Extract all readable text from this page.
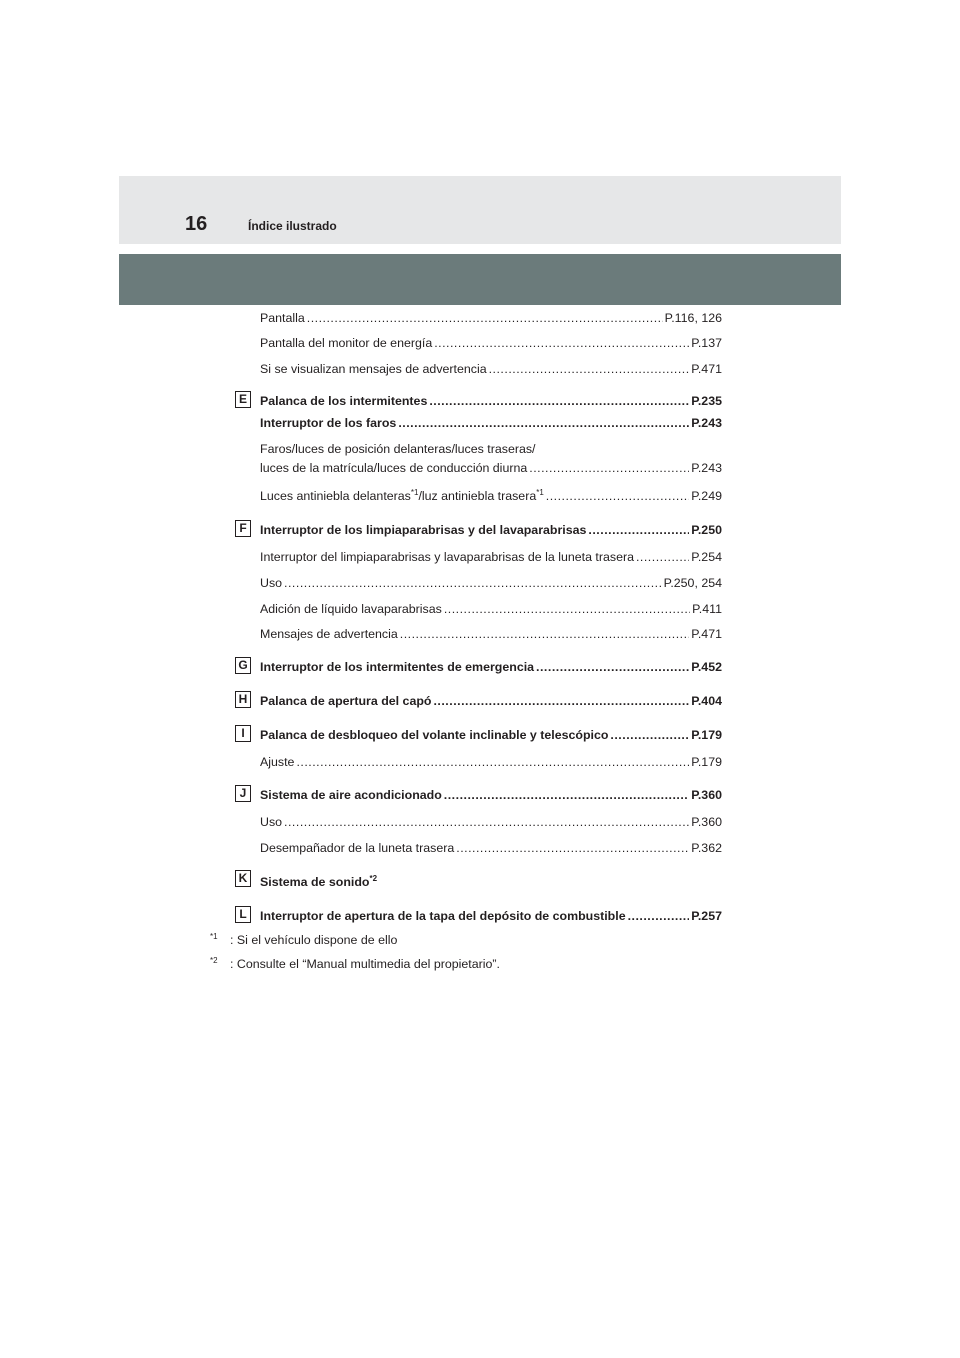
16	Índice ilustrado
Pantalla .....	P.116, 126
Pantalla del monitor de energía .....	P.137
Si se visualizan mensajes de advertencia .....	P.471
E	Palanca de los intermitentes .....	P.235
Interruptor de los faros .....	P.243
Faros/luces de posición delanteras/luces traseras/
luces de la matrícula/luces de conducción diurna .....	P.243
Luces antiniebla delanteras$^{*1}$/luz antiniebla trasera$^{*1}$ .....	P.249
F	Interruptor de los limpiaparabrisas y del lavaparabrisas .....	P.250
Interruptor del limpiaparabrisas y lavaparabrisas de la luneta trasera .....	P.254
Uso .....	P.250, 254
Adición de líquido lavaparabrisas .....	P.411
Mensajes de advertencia .....	P.471
G Interruptor de los intermitentes de emergencia .....	P.452
H Palanca de apertura del capó .....	P.404
I	Palanca de desbloqueo del volante inclinable y telescópico .....	P.179
Ajuste .....	P.179
J	Sistema de aire acondicionado .....	P.360
Uso .....	P.360
Desempañador de la luneta trasera .....	P.362
K Sistema de sonido$^{*2}$
L	Interruptor de apertura de la tapa del depósito de combustible .....	P.257
$^{*1}$ : Si el vehículo dispone de ello
$^{*2}$ : Consulte el “Manual multimedia del propietario”.
